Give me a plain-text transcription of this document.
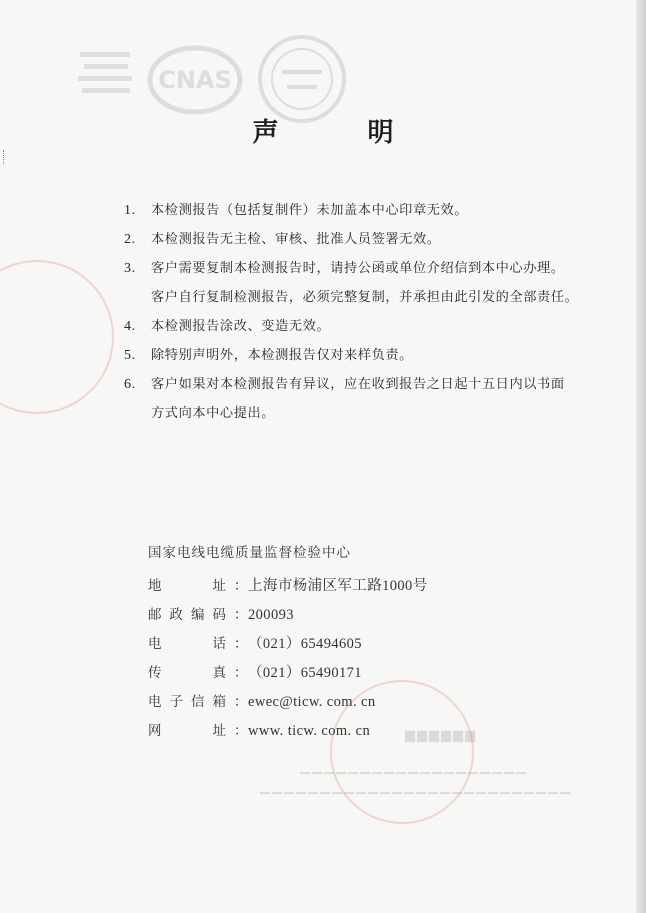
CNAS
▆▆▆▆▆▆
▁▁▁▁▁▁▁▁▁▁▁▁▁▁▁▁▁▁▁
▁▁▁▁▁▁▁▁▁▁▁▁▁▁▁▁▁▁▁▁▁▁▁▁▁▁
声 明
1. 本检测报告（包括复制件）未加盖本中心印章无效。
2. 本检测报告无主检、审核、批准人员签署无效。
3. 客户需要复制本检测报告时，请持公函或单位介绍信到本中心办理。
客户自行复制检测报告，必须完整复制，并承担由此引发的全部责任。
4. 本检测报告涂改、变造无效。
5. 除特别声明外，本检测报告仅对来样负责。
6. 客户如果对本检测报告有异议，应在收到报告之日起十五日内以书面
方式向本中心提出。

国家电线电缆质量监督检验中心

地	址 ： 上海市杨浦区军工路1000号
邮 政 编 码 ： 200093
电	话 ： （021）65494605
传	真 ： （021）65490171
电 子 信 箱 ： ewec@ticw. com. cn
网	址 ： www. ticw. com. cn
